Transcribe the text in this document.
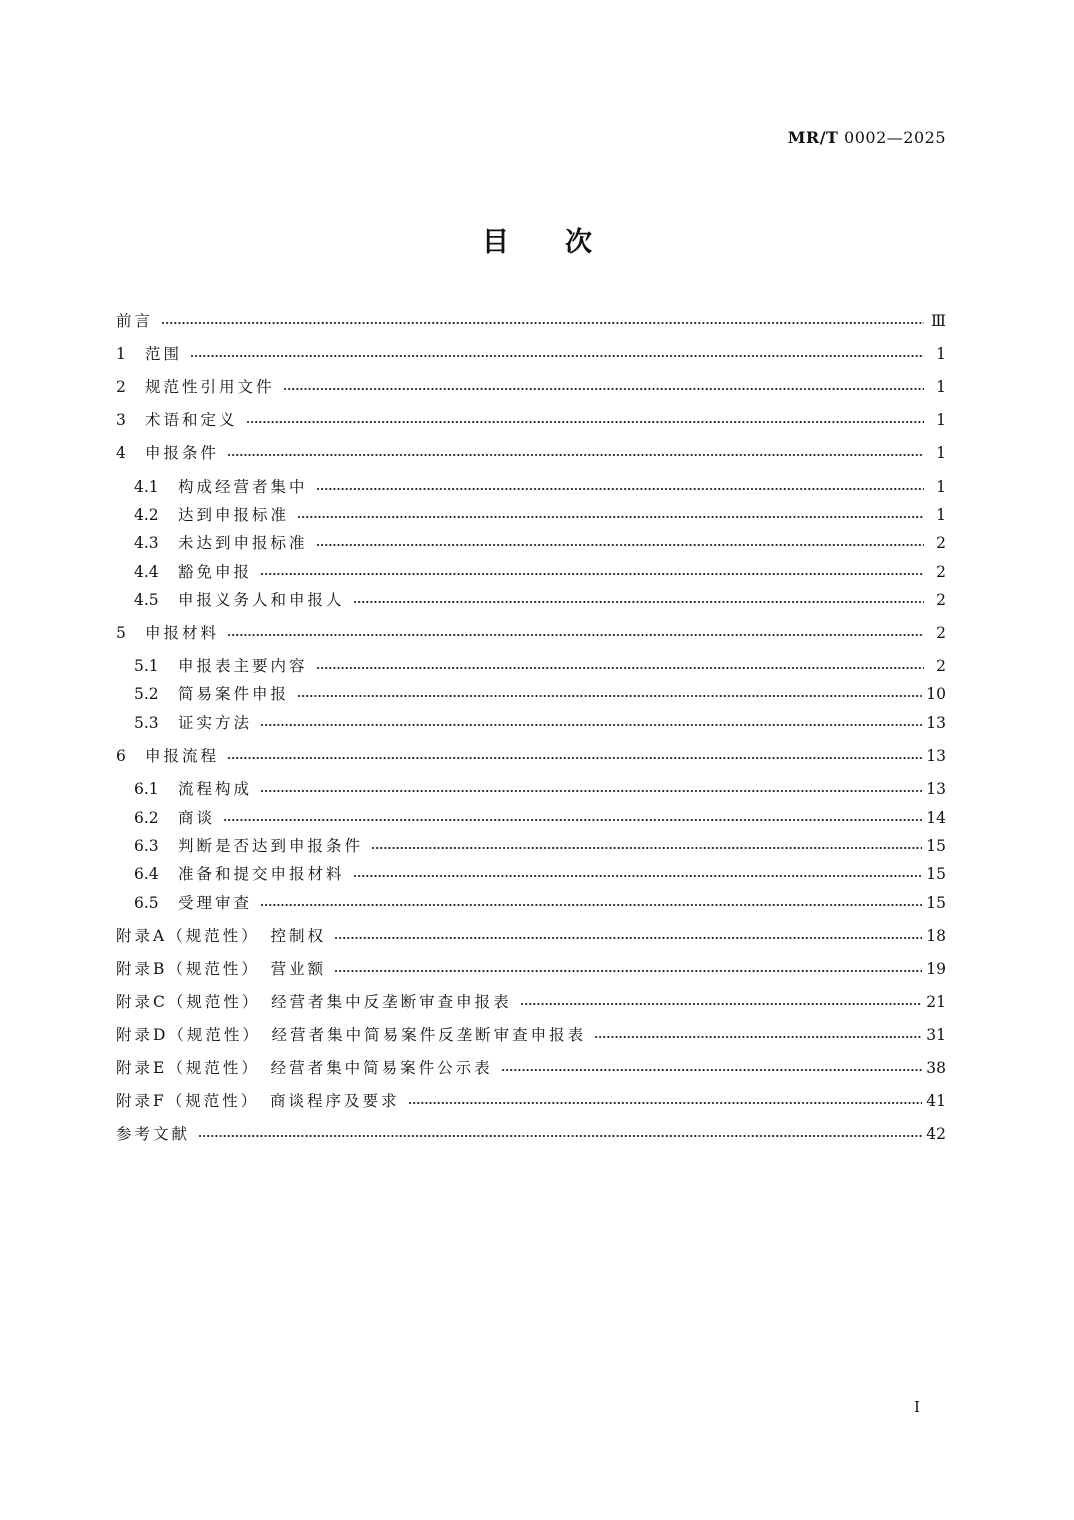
MR/T 0002—2025
目次
前言	Ⅲ
1	范围	1
2	规范性引用文件	1
3	术语和定义	1
4	申报条件	1
4.1	构成经营者集中	1
4.2	达到申报标准	1
4.3	未达到申报标准	2
4.4	豁免申报	2
4.5	申报义务人和申报人	2
5	申报材料	2
5.1	申报表主要内容	2
5.2	简易案件申报	10
5.3	证实方法	13
6	申报流程	13
6.1	流程构成	13
6.2	商谈	14
6.3	判断是否达到申报条件	15
6.4	准备和提交申报材料	15
6.5	受理审查	15
附录A（规范性）　控制权	18
附录B（规范性）　营业额	19
附录C（规范性）　经营者集中反垄断审查申报表	21
附录D（规范性）　经营者集中简易案件反垄断审查申报表	31
附录E（规范性）　经营者集中简易案件公示表	38
附录F（规范性）　商谈程序及要求	41
参考文献	42
I
